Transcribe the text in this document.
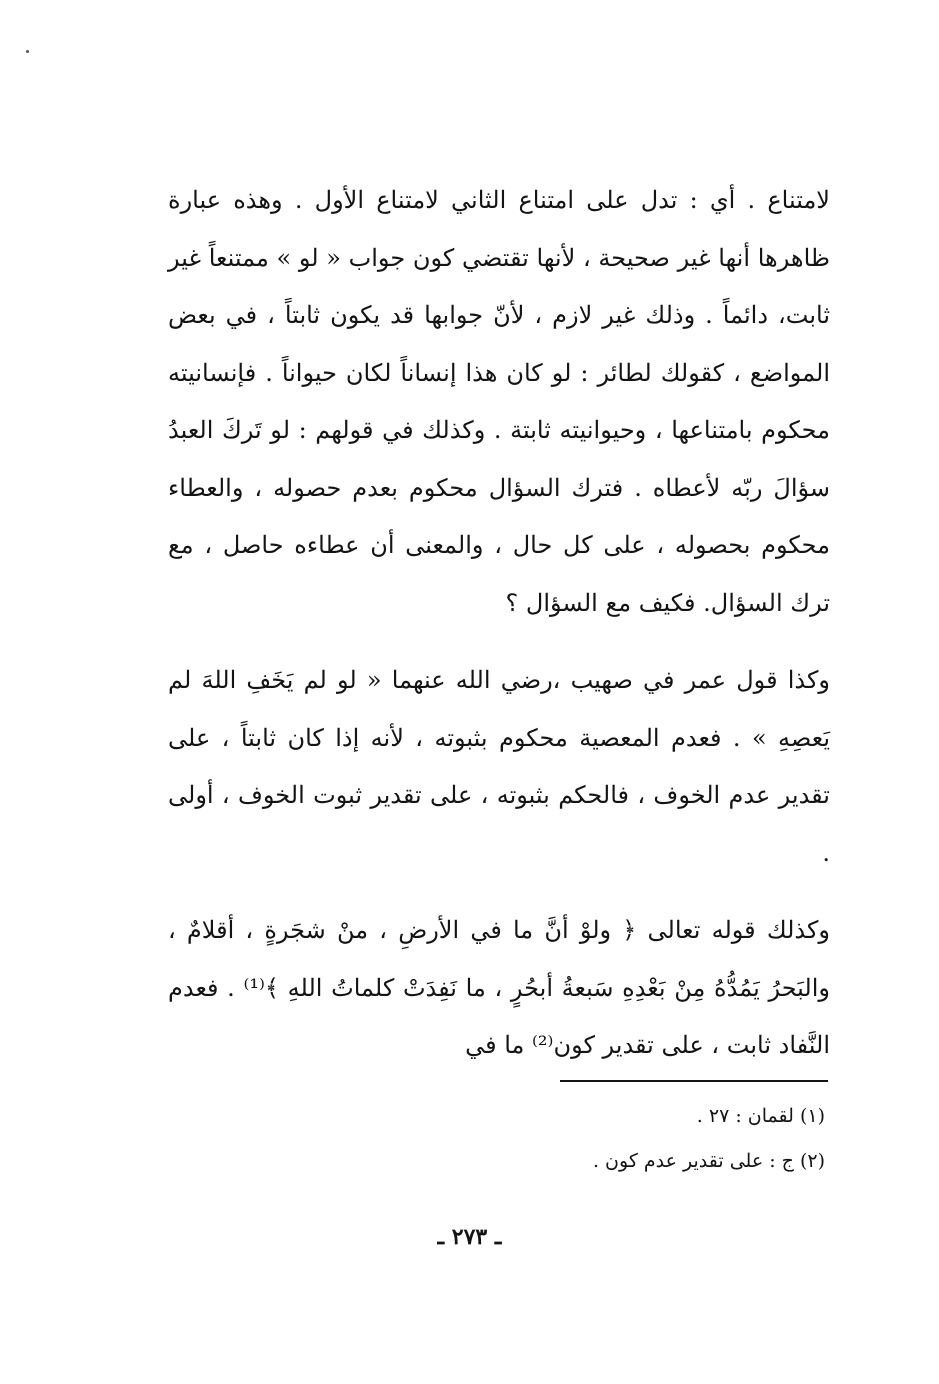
لامتناع . أي : تدل على امتناع الثاني لامتناع الأول . وهذه عبارة ظاهرها أنها غير صحيحة ، لأنها تقتضي كون جواب « لو » ممتنعاً غير ثابت، دائماً . وذلك غير لازم ، لأنّ جوابها قد يكون ثابتاً ، في بعض المواضع ، كقولك لطائر : لو كان هذا إنساناً لكان حيواناً . فإنسانيته محكوم بامتناعها ، وحيوانيته ثابتة . وكذلك في قولهم : لو تَركَ العبدُ سؤالَ ربّه لأعطاه . فترك السؤال محكوم بعدم حصوله ، والعطاء محكوم بحصوله ، على كل حال ، والمعنى أن عطاءه حاصل ، مع ترك السؤال. فكيف مع السؤال ؟

وكذا قول عمر في صهيب ،رضي الله عنهما « لو لم يَخَفِ اللهَ لم يَعصِهِ » . فعدم المعصية محكوم بثبوته ، لأنه إذا كان ثابتاً ، على تقدير عدم الخوف ، فالحكم بثبوته ، على تقدير ثبوت الخوف ، أولى .

وكذلك قوله تعالى ﴿ ولوْ أنَّ ما في الأرضِ ، منْ شجَرةٍ ، أقلامٌ ، والبَحرُ يَمُدُّهُ مِنْ بَعْدِهِ سَبعةُ أبحُرٍ ، ما نَفِدَتْ كلماتُ اللهِ ﴾⁽¹⁾ . فعدم النَّفاد ثابت ، على تقدير كون⁽²⁾ ما في

(١) لقمان : ٢٧ .

(٢) ج : على تقدير عدم كون .

ـ ٢٧٣ ـ
